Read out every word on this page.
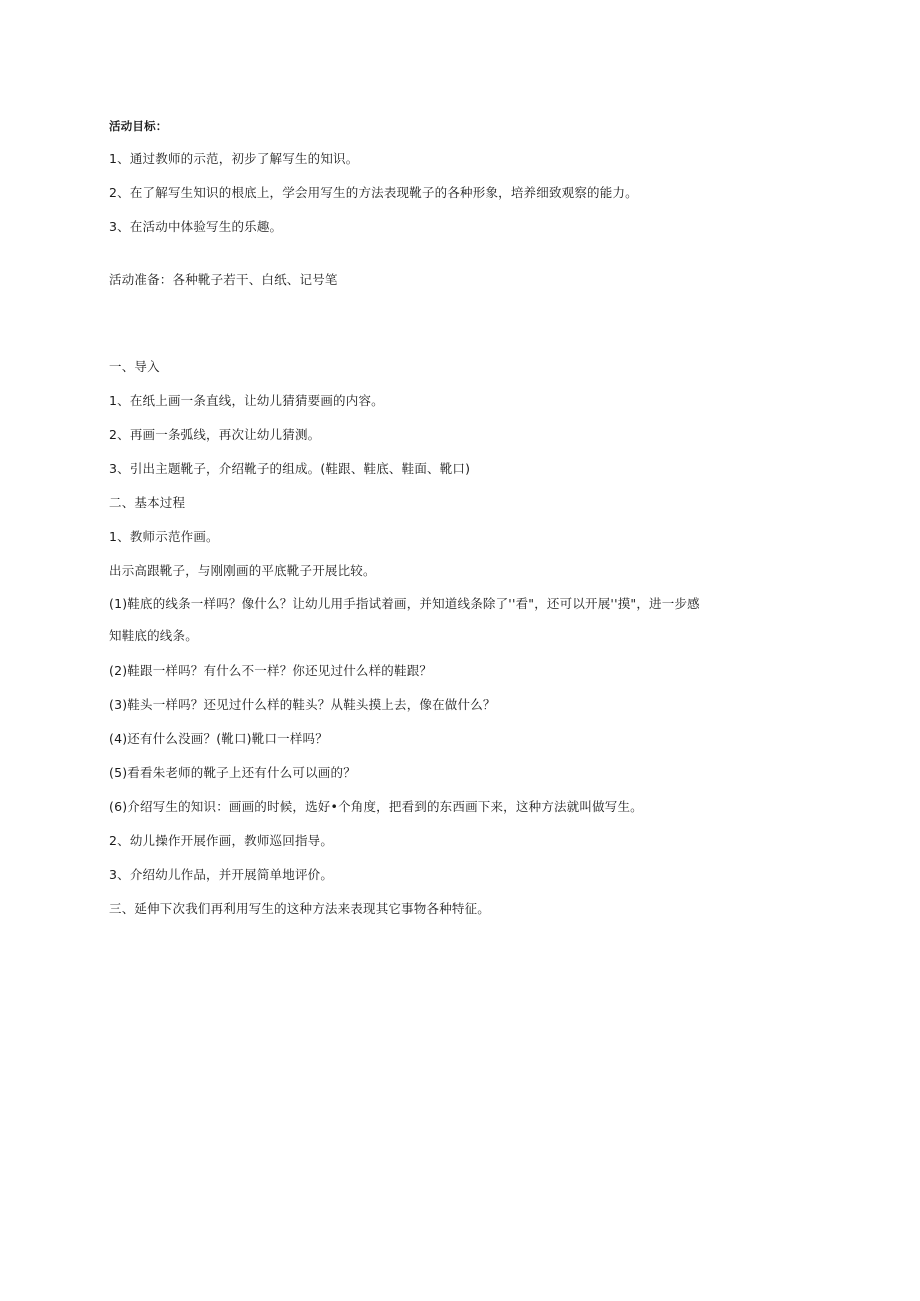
活动目标：
1、通过教师的示范，初步了解写生的知识。
2、在了解写生知识的根底上，学会用写生的方法表现靴子的各种形象，培养细致观察的能力。
3、在活动中体验写生的乐趣。
活动准备：各种靴子若干、白纸、记号笔
一、导入
1、在纸上画一条直线，让幼儿猜猜要画的内容。
2、再画一条弧线，再次让幼儿猜测。
3、引出主题靴子，介绍靴子的组成。(鞋跟、鞋底、鞋面、靴口)
二、基本过程
1、教师示范作画。
出示高跟靴子，与刚刚画的平底靴子开展比较。
(1)鞋底的线条一样吗？像什么？让幼儿用手指试着画，并知道线条除了''看"，还可以开展''摸"，进一步感
知鞋底的线条。
(2)鞋跟一样吗？有什么不一样？你还见过什么样的鞋跟？
(3)鞋头一样吗？还见过什么样的鞋头？从鞋头摸上去，像在做什么？
(4)还有什么没画？(靴口)靴口一样吗？
(5)看看朱老师的靴子上还有什么可以画的？
(6)介绍写生的知识：画画的时候，选好•个角度，把看到的东西画下来，这种方法就叫做写生。
2、幼儿操作开展作画，教师巡回指导。
3、介绍幼儿作品，并开展简单地评价。
三、延伸下次我们再利用写生的这种方法来表现其它事物各种特征。
